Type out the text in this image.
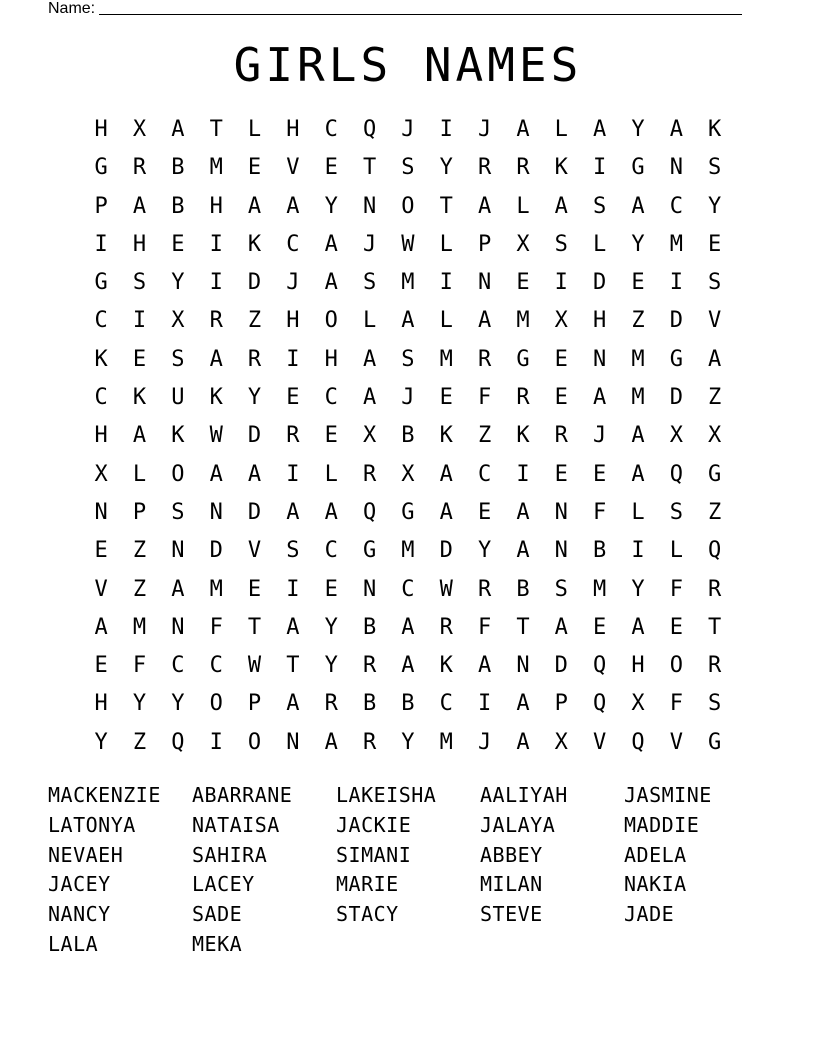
Name:
GIRLS NAMES
H	X	A	T	L	H	C	Q	J	I	J	A	L	A	Y	A	K
G	R	B	M	E	V	E	T	S	Y	R	R	K	I	G	N	S
P	A	B	H	A	A	Y	N	O	T	A	L	A	S	A	C	Y
I	H	E	I	K	C	A	J	W	L	P	X	S	L	Y	M	E
G	S	Y	I	D	J	A	S	M	I	N	E	I	D	E	I	S
C	I	X	R	Z	H	O	L	A	L	A	M	X	H	Z	D	V
K	E	S	A	R	I	H	A	S	M	R	G	E	N	M	G	A
C	K	U	K	Y	E	C	A	J	E	F	R	E	A	M	D	Z
H	A	K	W	D	R	E	X	B	K	Z	K	R	J	A	X	X
X	L	O	A	A	I	L	R	X	A	C	I	E	E	A	Q	G
N	P	S	N	D	A	A	Q	G	A	E	A	N	F	L	S	Z
E	Z	N	D	V	S	C	G	M	D	Y	A	N	B	I	L	Q
V	Z	A	M	E	I	E	N	C	W	R	B	S	M	Y	F	R
A	M	N	F	T	A	Y	B	A	R	F	T	A	E	A	E	T
E	F	C	C	W	T	Y	R	A	K	A	N	D	Q	H	O	R
H	Y	Y	O	P	A	R	B	B	C	I	A	P	Q	X	F	S
Y	Z	Q	I	O	N	A	R	Y	M	J	A	X	V	Q	V	G
MACKENZIE	ABARRANE	LAKEISHA	AALIYAH	JASMINE
LATONYA	NATAISA	JACKIE	JALAYA	MADDIE
NEVAEH	SAHIRA	SIMANI	ABBEY	ADELA
JACEY	LACEY	MARIE	MILAN	NAKIA
NANCY	SADE	STACY	STEVE	JADE
LALA	MEKA
